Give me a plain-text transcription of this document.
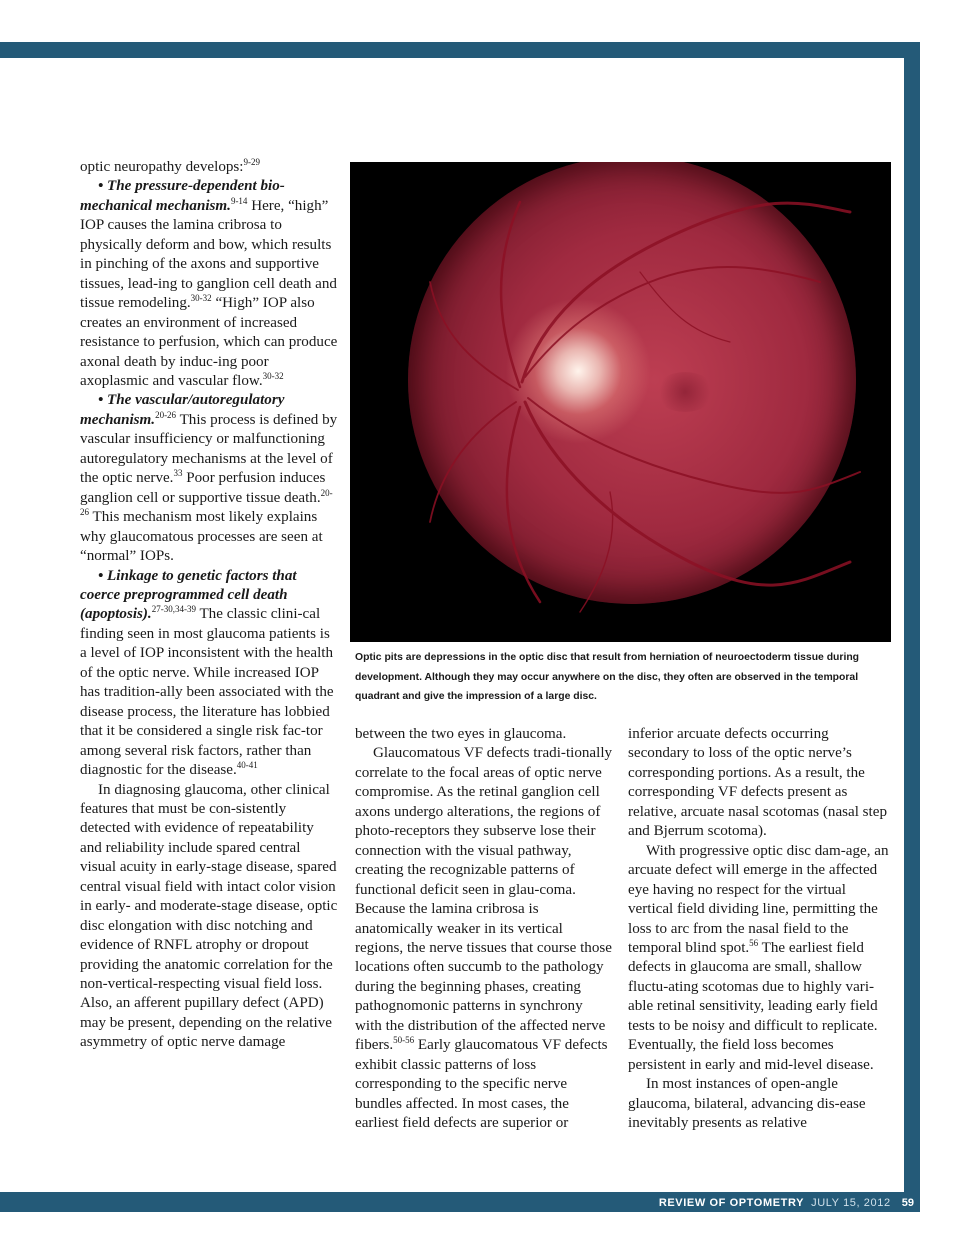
REVIEW OF OPTOMETRY JULY 15, 2012 59

optic neuropathy develops:$^{9-29}$

• The pressure-dependent bio-mechanical mechanism.$^{9-14}$ Here, “high” IOP causes the lamina cribrosa to physically deform and bow, which results in pinching of the axons and supportive tissues, lead-ing to ganglion cell death and tissue remodeling.$^{30-32}$ “High” IOP also creates an environment of increased resistance to perfusion, which can produce axonal death by induc-ing poor axoplasmic and vascular flow.$^{30-32}$

• The vascular/autoregulatory mechanism.$^{20-26}$ This process is defined by vascular insufficiency or malfunctioning autoregulatory mechanisms at the level of the optic nerve.$^{33}$ Poor perfusion induces ganglion cell or supportive tissue death.$^{20-26}$ This mechanism most likely explains why glaucomatous processes are seen at “normal” IOPs.

• Linkage to genetic factors that coerce preprogrammed cell death (apoptosis).$^{27-30,34-39}$ The classic clini-cal finding seen in most glaucoma patients is a level of IOP inconsistent with the health of the optic nerve. While increased IOP has tradition-ally been associated with the disease process, the literature has lobbied that it be considered a single risk fac-tor among several risk factors, rather than diagnostic for the disease.$^{40-41}$

In diagnosing glaucoma, other clinical features that must be con-sistently detected with evidence of repeatability and reliability include spared central visual acuity in early-stage disease, spared central visual field with intact color vision in early- and moderate-stage disease, optic disc elongation with disc notching and evidence of RNFL atrophy or dropout providing the anatomic correlation for the non-vertical-respecting visual field loss. Also, an afferent pupillary defect (APD) may be present, depending on the relative asymmetry of optic nerve damage

Optic pits are depressions in the optic disc that result from herniation of neuroectoderm tissue during development. Although they may occur anywhere on the disc, they often are observed in the temporal quadrant and give the impression of a large disc.

between the two eyes in glaucoma.

Glaucomatous VF defects tradi-tionally correlate to the focal areas of optic nerve compromise. As the retinal ganglion cell axons undergo alterations, the regions of photo-receptors they subserve lose their connection with the visual pathway, creating the recognizable patterns of functional deficit seen in glau-coma. Because the lamina cribrosa is anatomically weaker in its vertical regions, the nerve tissues that course those locations often succumb to the pathology during the beginning phases, creating pathognomonic patterns in synchrony with the distribution of the affected nerve fibers.$^{50-56}$ Early glaucomatous VF defects exhibit classic patterns of loss corresponding to the specific nerve bundles affected. In most cases, the earliest field defects are superior or

inferior arcuate defects occurring secondary to loss of the optic nerve’s corresponding portions. As a result, the corresponding VF defects present as relative, arcuate nasal scotomas (nasal step and Bjerrum scotoma).

With progressive optic disc dam-age, an arcuate defect will emerge in the affected eye having no respect for the virtual vertical field dividing line, permitting the loss to arc from the nasal field to the temporal blind spot.$^{56}$ The earliest field defects in glaucoma are small, shallow fluctu-ating scotomas due to highly vari-able retinal sensitivity, leading early field tests to be noisy and difficult to replicate. Eventually, the field loss becomes persistent in early and mid-level disease.

In most instances of open-angle glaucoma, bilateral, advancing dis-ease inevitably presents as relative
